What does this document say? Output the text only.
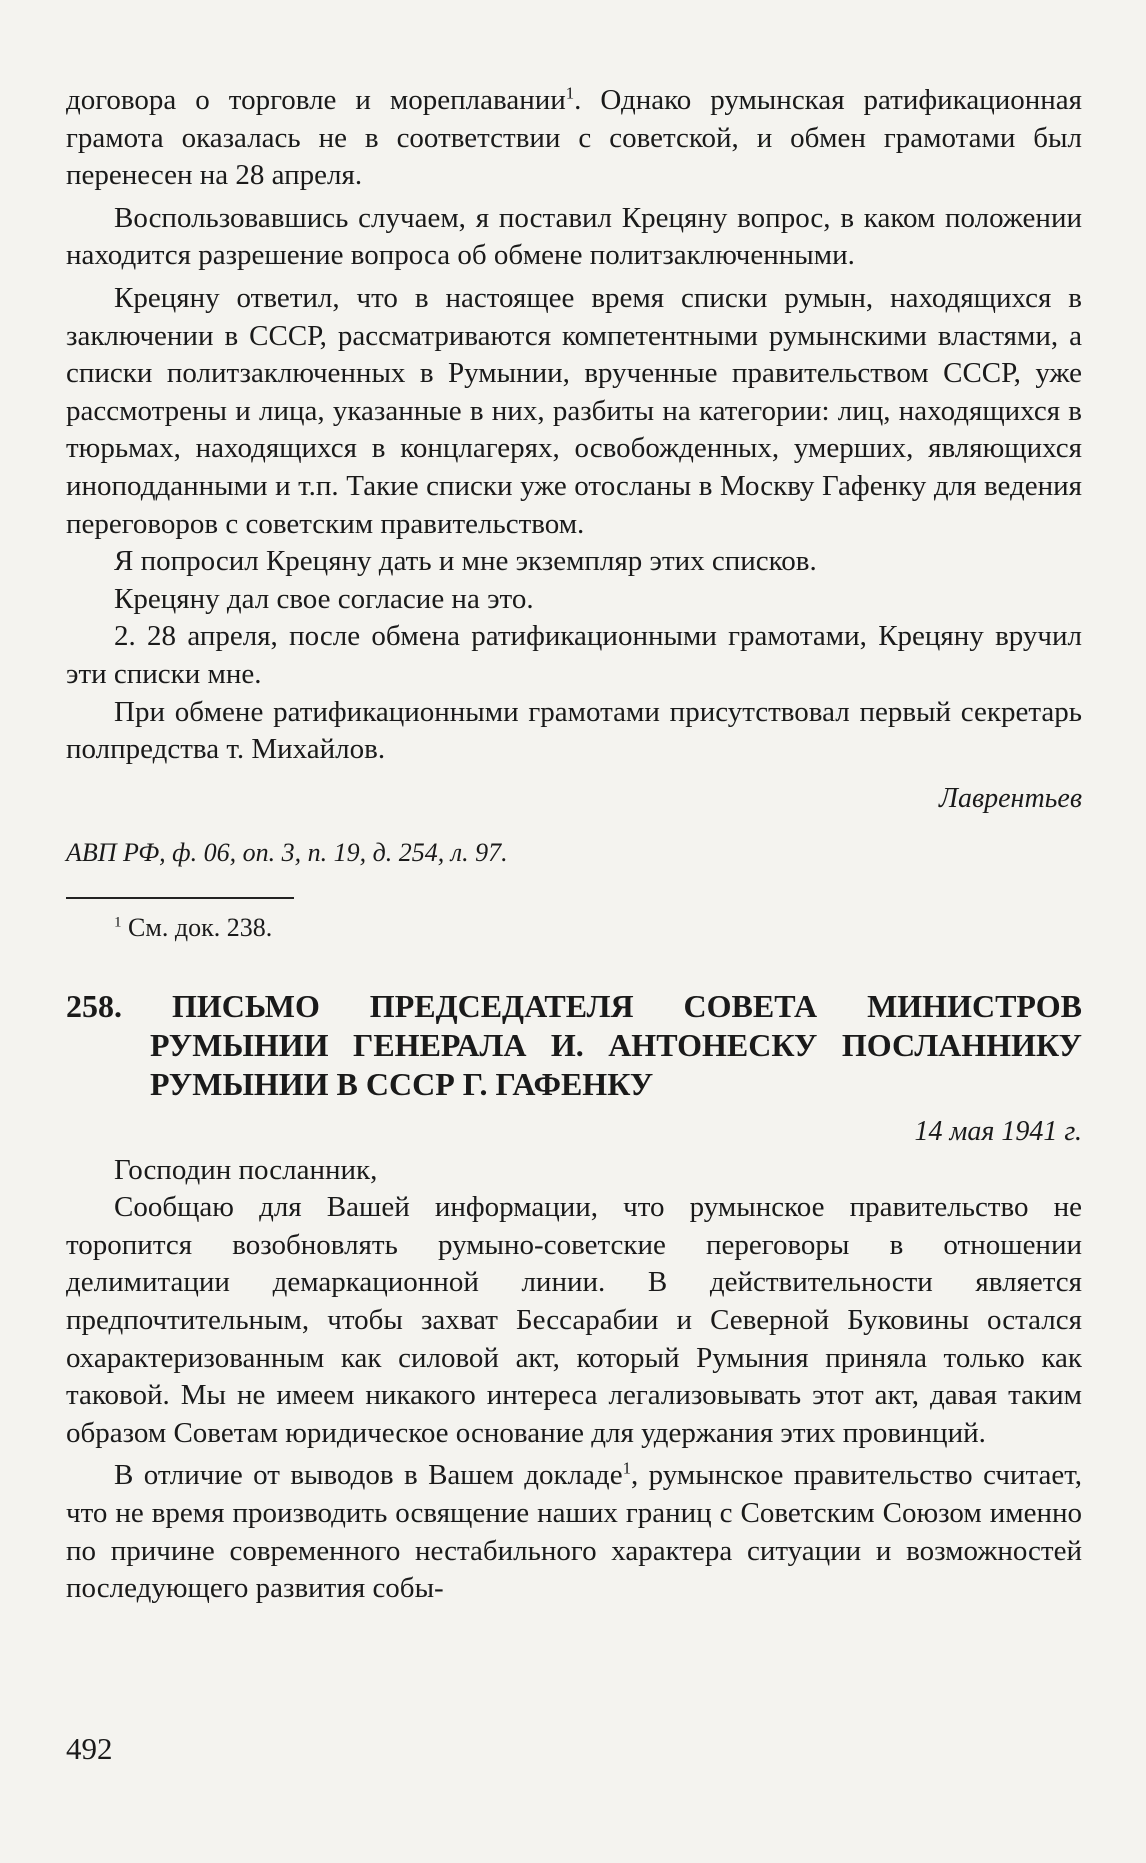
договора о торговле и мореплавании$^1$. Однако румынская ратификационная грамота оказалась не в соответствии с советской, и обмен грамотами был перенесен на 28 апреля.

Воспользовавшись случаем, я поставил Крецяну вопрос, в каком положении находится разрешение вопроса об обмене политзаключенными.

Крецяну ответил, что в настоящее время списки румын, находящихся в заключении в СССР, рассматриваются компетентными румынскими властями, а списки политзаключенных в Румынии, врученные правительством СССР, уже рассмотрены и лица, указанные в них, разбиты на категории: лиц, находящихся в тюрьмах, находящихся в концлагерях, освобожденных, умерших, являющихся иноподданными и т.п. Такие списки уже отосланы в Москву Гафенку для ведения переговоров с советским правительством.

Я попросил Крецяну дать и мне экземпляр этих списков.

Крецяну дал свое согласие на это.

2. 28 апреля, после обмена ратификационными грамотами, Крецяну вручил эти списки мне.

При обмене ратификационными грамотами присутствовал первый секретарь полпредства т. Михайлов.

Лаврентьев

АВП РФ, ф. 06, оп. 3, п. 19, д. 254, л. 97.

$^1$ См. док. 238.

258. ПИСЬМО ПРЕДСЕДАТЕЛЯ СОВЕТА МИНИСТРОВ РУМЫНИИ ГЕНЕРАЛА И. АНТОНЕСКУ ПОСЛАННИКУ РУМЫНИИ В СССР Г. ГАФЕНКУ

14 мая 1941 г.

Господин посланник,

Сообщаю для Вашей информации, что румынское правительство не торопится возобновлять румыно-советские переговоры в отношении делимитации демаркационной линии. В действительности является предпочтительным, чтобы захват Бессарабии и Северной Буковины остался охарактеризованным как силовой акт, который Румыния приняла только как таковой. Мы не имеем никакого интереса легализовывать этот акт, давая таким образом Советам юридическое основание для удержания этих провинций.

В отличие от выводов в Вашем докладе$^1$, румынское правительство считает, что не время производить освящение наших границ с Советским Союзом именно по причине современного нестабильного характера ситуации и возможностей последующего развития собы-

492
